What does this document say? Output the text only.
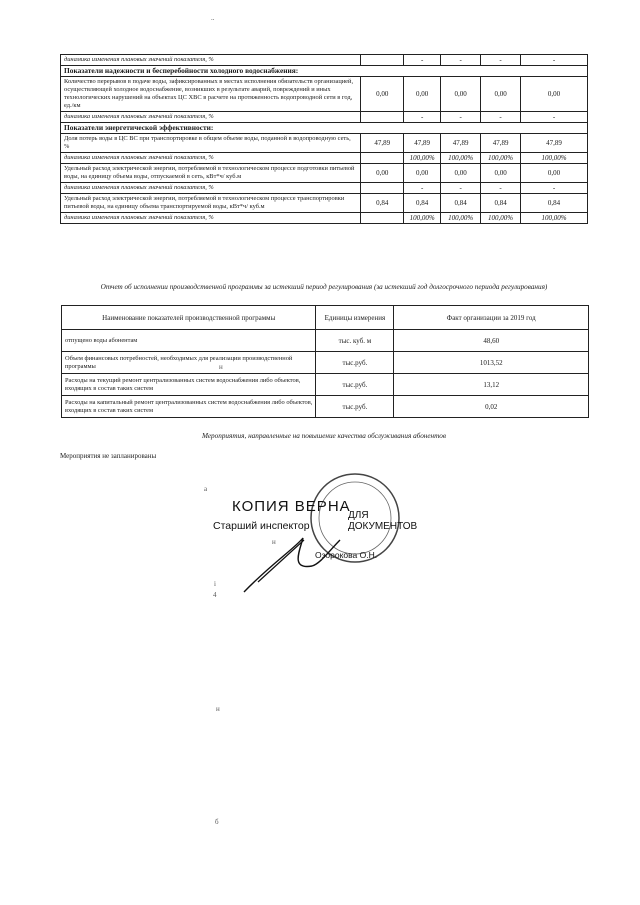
..
динамика изменения плановых значений показателя, %		-	-	-	-
Показатели надежности и бесперебойности холодного водоснабжения:					
Количество перерывов в подаче воды, зафиксированных в местах исполнения обязательств организацией, осуществляющей холодное водоснабжение, возникших в результате аварий, повреждений и иных технологических нарушений на объектах ЦС ХВС в расчете на протяженность водопроводной сети в год, ед./км	0,00	0,00	0,00	0,00	0,00
динамика изменения плановых значений показателя, %		-	-	-	-
Показатели энергетической эффективности:					
Доля потерь воды в ЦС ВС при транспортировке в общем объеме воды, поданной в водопроводную сеть, %	47,89	47,89	47,89	47,89	47,89
динамика изменения плановых значений показателя, %		100,00%	100,00%	100,00%	100,00%
Удельный расход электрической энергии, потребляемой в технологическом процессе подготовки питьевой воды, на единицу объема воды, отпускаемой в сеть, кВт*ч/ куб.м	0,00	0,00	0,00	0,00	0,00
динамика изменения плановых значений показателя, %		-	-	-	-
Удельный расход электрической энергии, потребляемой в технологическом процессе транспортировки питьевой воды, на единицу объема транспортируемой воды, кВт*ч/ куб.м	0,84	0,84	0,84	0,84	0,84
динамика изменения плановых значений показателя, %		100,00%	100,00%	100,00%	100,00%
Отчет об исполнении производственной программы за истекший период регулирования (за истекший год долгосрочного периода регулирования)
Наименование показателей производственной программы	Единицы измерения	Факт организации за 2019 год
отпущено воды абонентам	тыс. куб. м	48,60
Объем финансовых потребностей, необходимых для реализации производственной программы	тыс.руб.	1013,52
Расходы на текущий ремонт централизованных систем водоснабжения либо объектов, входящих в состав таких систем	тыс.руб.	13,12
Расходы на капитальный ремонт централизованных систем водоснабжения либо объектов, входящих в состав таких систем	тыс.руб.	0,02
н
Мероприятия, направленные на повышение качества обслуживания абонентов
Мероприятия не запланированы
КОПИЯ ВЕРНА
Старший инспектор
ДЛЯ ДОКУМЕНТОВ
Озорокова О.Н.
a
н
i
4
н
б
